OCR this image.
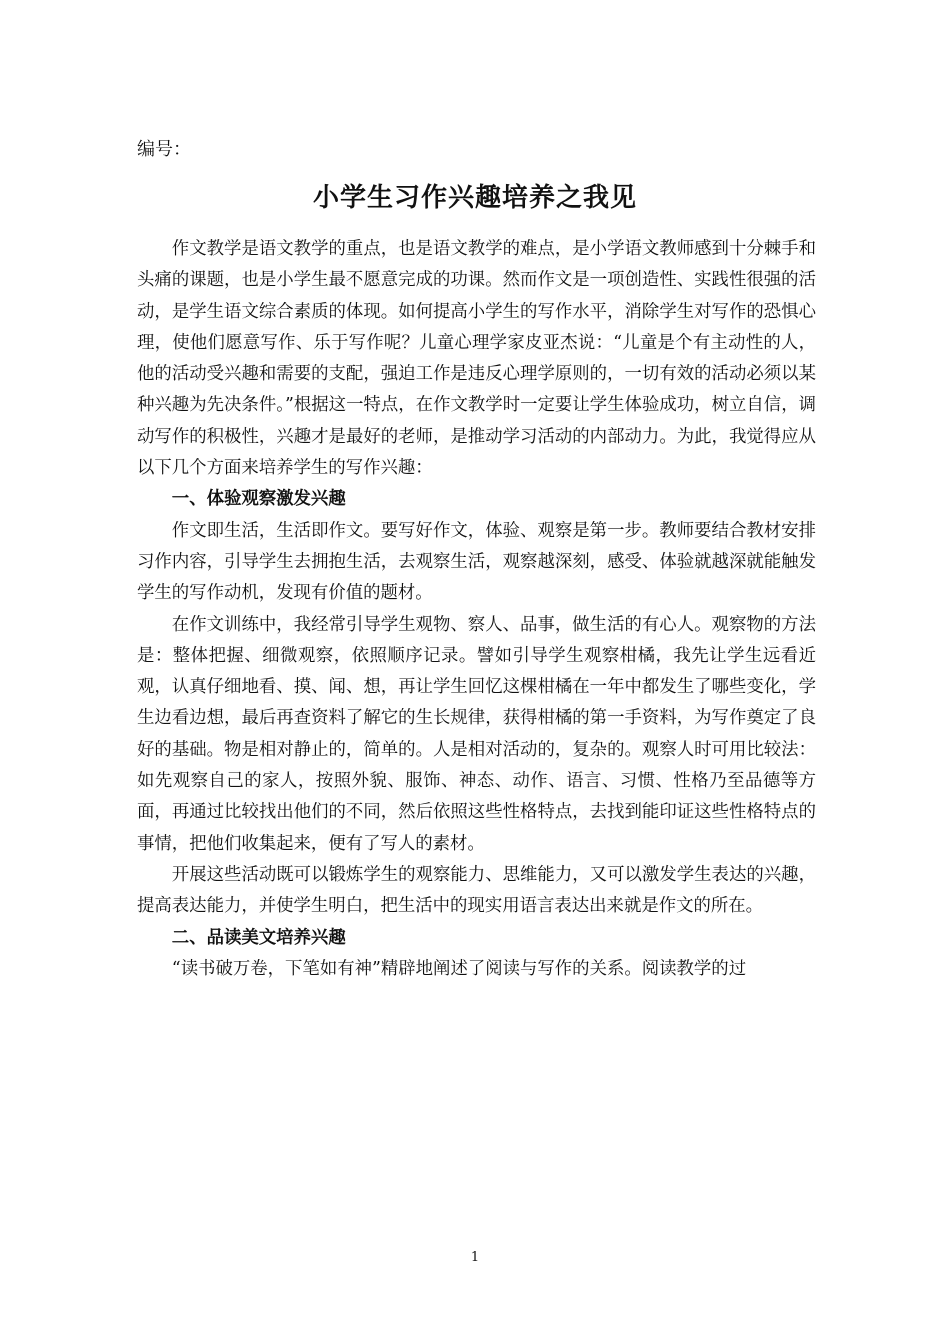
编号：
小学生习作兴趣培养之我见

作文教学是语文教学的重点，也是语文教学的难点，是小学语文教师感到十分棘手和头痛的课题，也是小学生最不愿意完成的功课。然而作文是一项创造性、实践性很强的活动，是学生语文综合素质的体现。如何提高小学生的写作水平，消除学生对写作的恐惧心理，使他们愿意写作、乐于写作呢？儿童心理学家皮亚杰说：“儿童是个有主动性的人，他的活动受兴趣和需要的支配，强迫工作是违反心理学原则的，一切有效的活动必须以某种兴趣为先决条件。”根据这一特点，在作文教学时一定要让学生体验成功，树立自信，调动写作的积极性，兴趣才是最好的老师，是推动学习活动的内部动力。为此，我觉得应从以下几个方面来培养学生的写作兴趣：

一、体验观察激发兴趣

作文即生活，生活即作文。要写好作文，体验、观察是第一步。教师要结合教材安排习作内容，引导学生去拥抱生活，去观察生活，观察越深刻，感受、体验就越深就能触发学生的写作动机，发现有价值的题材。

在作文训练中，我经常引导学生观物、察人、品事，做生活的有心人。观察物的方法是：整体把握、细微观察，依照顺序记录。譬如引导学生观察柑橘，我先让学生远看近观，认真仔细地看、摸、闻、想，再让学生回忆这棵柑橘在一年中都发生了哪些变化，学生边看边想，最后再查资料了解它的生长规律，获得柑橘的第一手资料，为写作奠定了良好的基础。物是相对静止的，简单的。人是相对活动的，复杂的。观察人时可用比较法：如先观察自己的家人，按照外貌、服饰、神态、动作、语言、习惯、性格乃至品德等方面，再通过比较找出他们的不同，然后依照这些性格特点，去找到能印证这些性格特点的事情，把他们收集起来，便有了写人的素材。

开展这些活动既可以锻炼学生的观察能力、思维能力，又可以激发学生表达的兴趣，提高表达能力，并使学生明白，把生活中的现实用语言表达出来就是作文的所在。

二、品读美文培养兴趣

“读书破万卷，下笔如有神”精辟地阐述了阅读与写作的关系。阅读教学的过

1
